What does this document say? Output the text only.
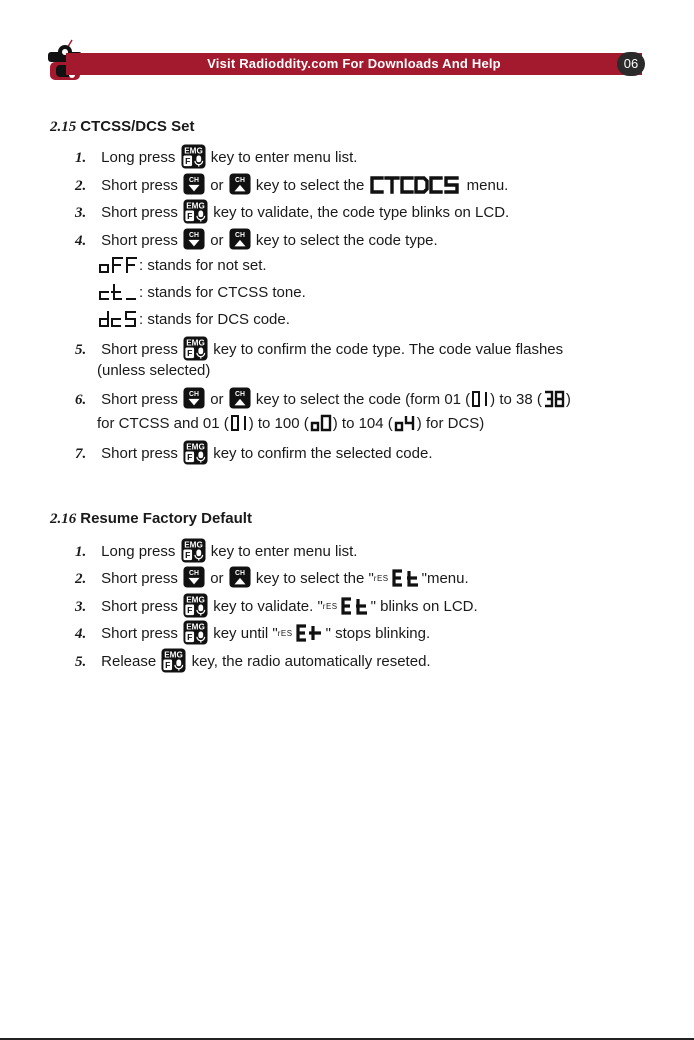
Visit Radioddity.com For Downloads And Help	06
2.15 CTCSS/DCS Set
1. Long press key to enter menu list.
2. Short press or key to select the
CTCDCS
menu.
3. Short press key to validate, the code type blinks on LCD.
4. Short press or key to select the code type.
: stands for not set.
: stands for CTCSS tone.
: stands for DCS code.
5. Short press key to confirm the code type. The code value flashes
(unless selected)
6. Short press or key to select the code (form 01 ( ) to 38 ( )
for CTCSS and 01 ( ) to 100 ( ) to 104 ( ) for DCS)
7. Short press key to confirm the selected code.
2.16 Resume Factory Default
1. Long press key to enter menu list.
2. Short press or key to select the "$^{rES}$ "menu.
3. Short press key to validate. "$^{rES}$ " blinks on LCD.
4. Short press key until "$^{rES}$ " stops blinking.
5. Release key, the radio automatically reseted.
